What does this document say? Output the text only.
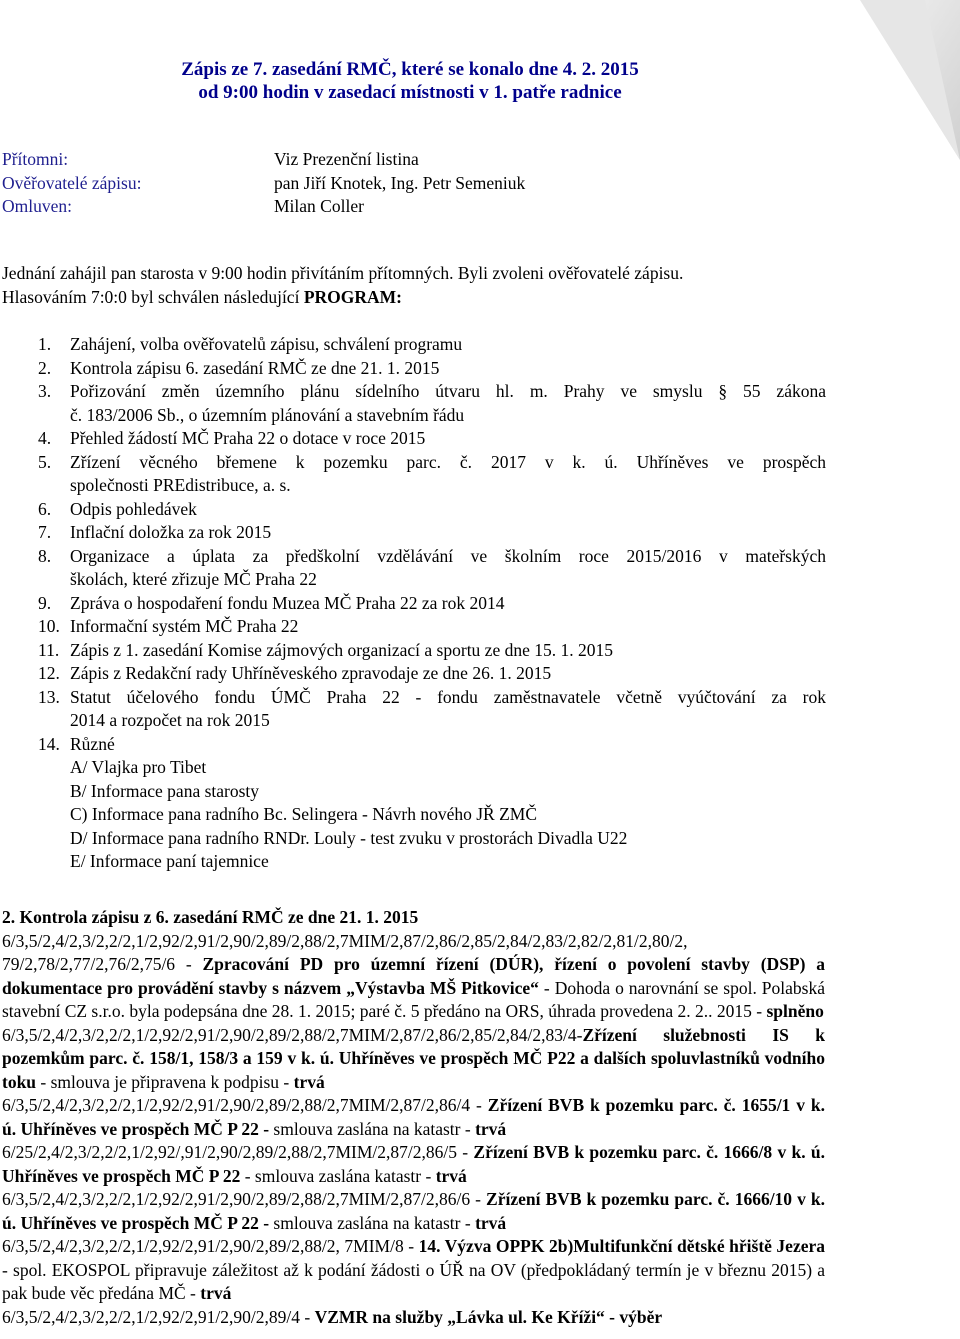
Zápis ze 7. zasedání RMČ, které se konalo dne 4. 2. 2015
od 9:00 hodin v zasedací místnosti v 1. patře radnice
Přítomni:	Viz Prezenční listina
Ověřovatelé zápisu:	pan Jiří Knotek, Ing. Petr Semeniuk
Omluven:	Milan Coller
Jednání zahájil pan starosta v 9:00 hodin přivítáním přítomných. Byli zvoleni ověřovatelé zápisu.
Hlasováním 7:0:0 byl schválen následující PROGRAM:
1.	Zahájení, volba ověřovatelů zápisu, schválení programu
2.	Kontrola zápisu 6. zasedání RMČ ze dne 21. 1. 2015
3.	Pořizování změn územního plánu sídelního útvaru hl. m. Prahy ve smyslu § 55 zákona
č. 183/2006 Sb., o územním plánování a stavebním řádu
4.	Přehled žádostí MČ Praha 22 o dotace v roce 2015
5.	Zřízení věcného břemene k pozemku parc. č. 2017 v k. ú. Uhříněves ve prospěch
společnosti PREdistribuce, a. s.
6.	Odpis pohledávek
7.	Inflační doložka za rok 2015
8.	Organizace a úplata za předškolní vzdělávání ve školním roce 2015/2016 v mateřských
školách, které zřizuje MČ Praha 22
9.	Zpráva o hospodaření fondu Muzea MČ Praha 22 za rok 2014
10. Informační systém MČ Praha 22
11. Zápis z 1. zasedání Komise zájmových organizací a sportu ze dne 15. 1. 2015
12. Zápis z Redakční rady Uhříněveského zpravodaje ze dne 26. 1. 2015
13. Statut účelového fondu ÚMČ Praha 22 - fondu zaměstnavatele včetně vyúčtování za rok
2014 a rozpočet na rok 2015
14. Různé
A/ Vlajka pro Tibet
B/ Informace pana starosty
C) Informace pana radního Bc. Selingera - Návrh nového JŘ ZMČ
D/ Informace pana radního RNDr. Louly - test zvuku v prostorách Divadla U22
E/ Informace paní tajemnice

2. Kontrola zápisu z 6. zasedání RMČ ze dne 21. 1. 2015

6/3,5/2,4/2,3/2,2/2,1/2,92/2,91/2,90/2,89/2,88/2,7MIM/2,87/2,86/2,85/2,84/2,83/2,82/2,81/2,80/2, 79/2,78/2,77/2,76/2,75/6 - Zpracování PD pro územní řízení (DÚR), řízení o povolení stavby (DSP) a dokumentace pro provádění stavby s názvem „Výstavba MŠ Pitkovice“ - Dohoda o narovnání se spol. Polabská stavební CZ s.r.o. byla podepsána dne 28. 1. 2015; paré č. 5 předáno na ORS, úhrada provedena 2. 2.. 2015 - splněno

6/3,5/2,4/2,3/2,2/2,1/2,92/2,91/2,90/2,89/2,88/2,7MIM/2,87/2,86/2,85/2,84/2,83/4-Zřízení služebnosti IS k pozemkům parc. č. 158/1, 158/3 a 159 v k. ú. Uhříněves ve prospěch MČ P22 a dalších spoluvlastníků vodního toku - smlouva je připravena k podpisu - trvá

6/3,5/2,4/2,3/2,2/2,1/2,92/2,91/2,90/2,89/2,88/2,7MIM/2,87/2,86/4 - Zřízení BVB k pozemku parc. č. 1655/1 v k. ú. Uhříněves ve prospěch MČ P 22 - smlouva zaslána na katastr - trvá

6/25/2,4/2,3/2,2/2,1/2,92/,91/2,90/2,89/2,88/2,7MIM/2,87/2,86/5 - Zřízení BVB k pozemku parc. č. 1666/8 v k. ú. Uhříněves ve prospěch MČ P 22 - smlouva zaslána katastr - trvá

6/3,5/2,4/2,3/2,2/2,1/2,92/2,91/2,90/2,89/2,88/2,7MIM/2,87/2,86/6 - Zřízení BVB k pozemku parc. č. 1666/10 v k. ú. Uhříněves ve prospěch MČ P 22 - smlouva zaslána na katastr - trvá

6/3,5/2,4/2,3/2,2/2,1/2,92/2,91/2,90/2,89/2,88/2, 7MIM/8 - 14. Výzva OPPK 2b)Multifunkční dětské hřiště Jezera - spol. EKOSPOL připravuje záležitost až k podání žádosti o ÚŘ na OV (předpokládaný termín je v březnu 2015) a pak bude věc předána MČ - trvá

6/3,5/2,4/2,3/2,2/2,1/2,92/2,91/2,90/2,89/4 - VZMR na služby „Lávka ul. Ke Kříži“ - výběr
